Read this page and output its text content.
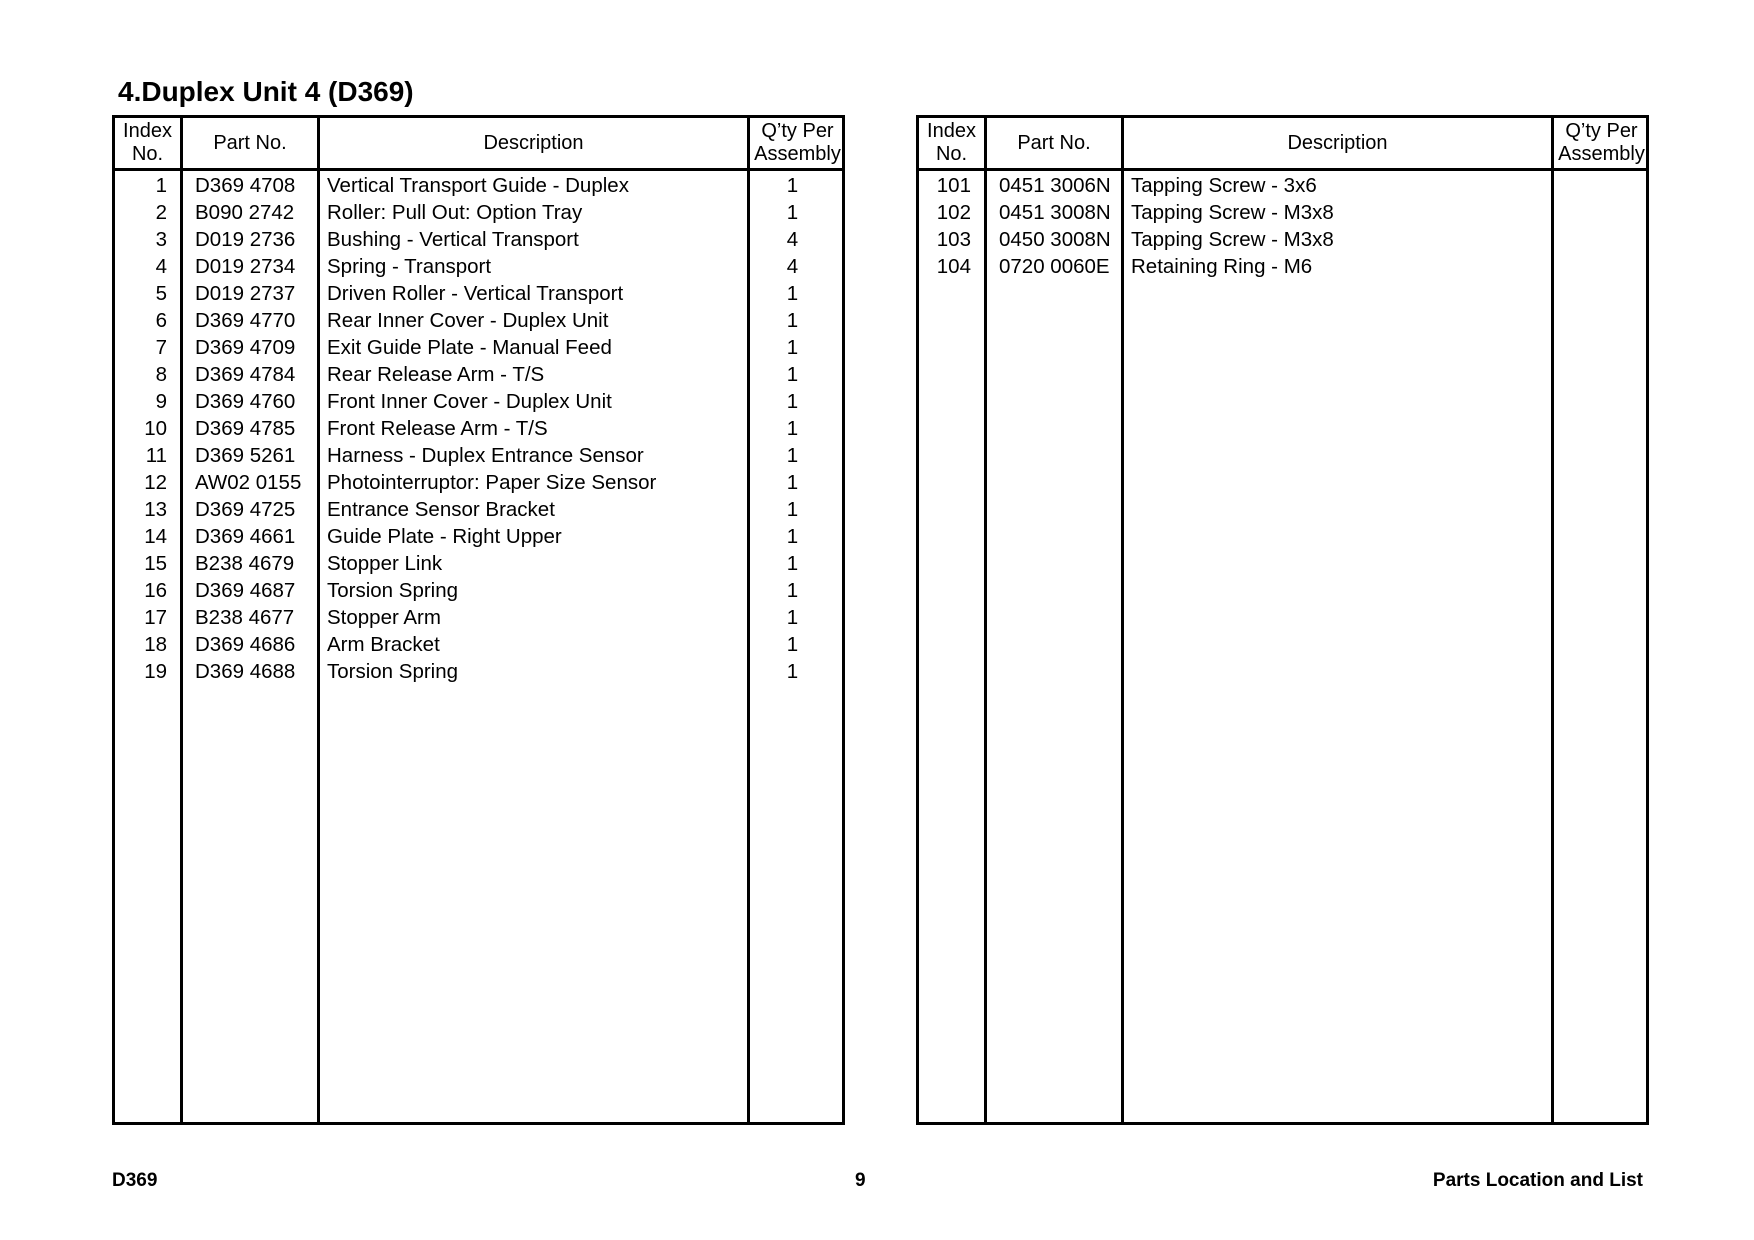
4.Duplex Unit 4 (D369)
Index
No.
Part No.	Description
Q’ty Per
Assembly
1 D369 4708	Vertical Transport Guide - Duplex	1
2 B090 2742	Roller: Pull Out: Option Tray	1
3 D019 2736	Bushing - Vertical Transport	4
4 D019 2734	Spring - Transport	4
5 D019 2737	Driven Roller - Vertical Transport	1
6 D369 4770	Rear Inner Cover - Duplex Unit	1
7 D369 4709	Exit Guide Plate - Manual Feed	1
8 D369 4784	Rear Release Arm - T/S	1
9 D369 4760	Front Inner Cover - Duplex Unit	1
10 D369 4785	Front Release Arm - T/S	1
11 D369 5261	Harness - Duplex Entrance Sensor	1
12 AW02 0155	Photointerruptor: Paper Size Sensor	1
13 D369 4725	Entrance Sensor Bracket	1
14 D369 4661	Guide Plate - Right Upper	1
15 B238 4679	Stopper Link	1
16 D369 4687	Torsion Spring	1
17 B238 4677	Stopper Arm	1
18 D369 4686	Arm Bracket	1
19 D369 4688	Torsion Spring	1
Index
No.
Part No.	Description
Q’ty Per
Assembly
101 0451 3006N Tapping Screw - 3x6
102 0451 3008N Tapping Screw - M3x8
103 0450 3008N Tapping Screw - M3x8
104 0720 0060E	Retaining Ring - M6
D369	9	Parts Location and List
